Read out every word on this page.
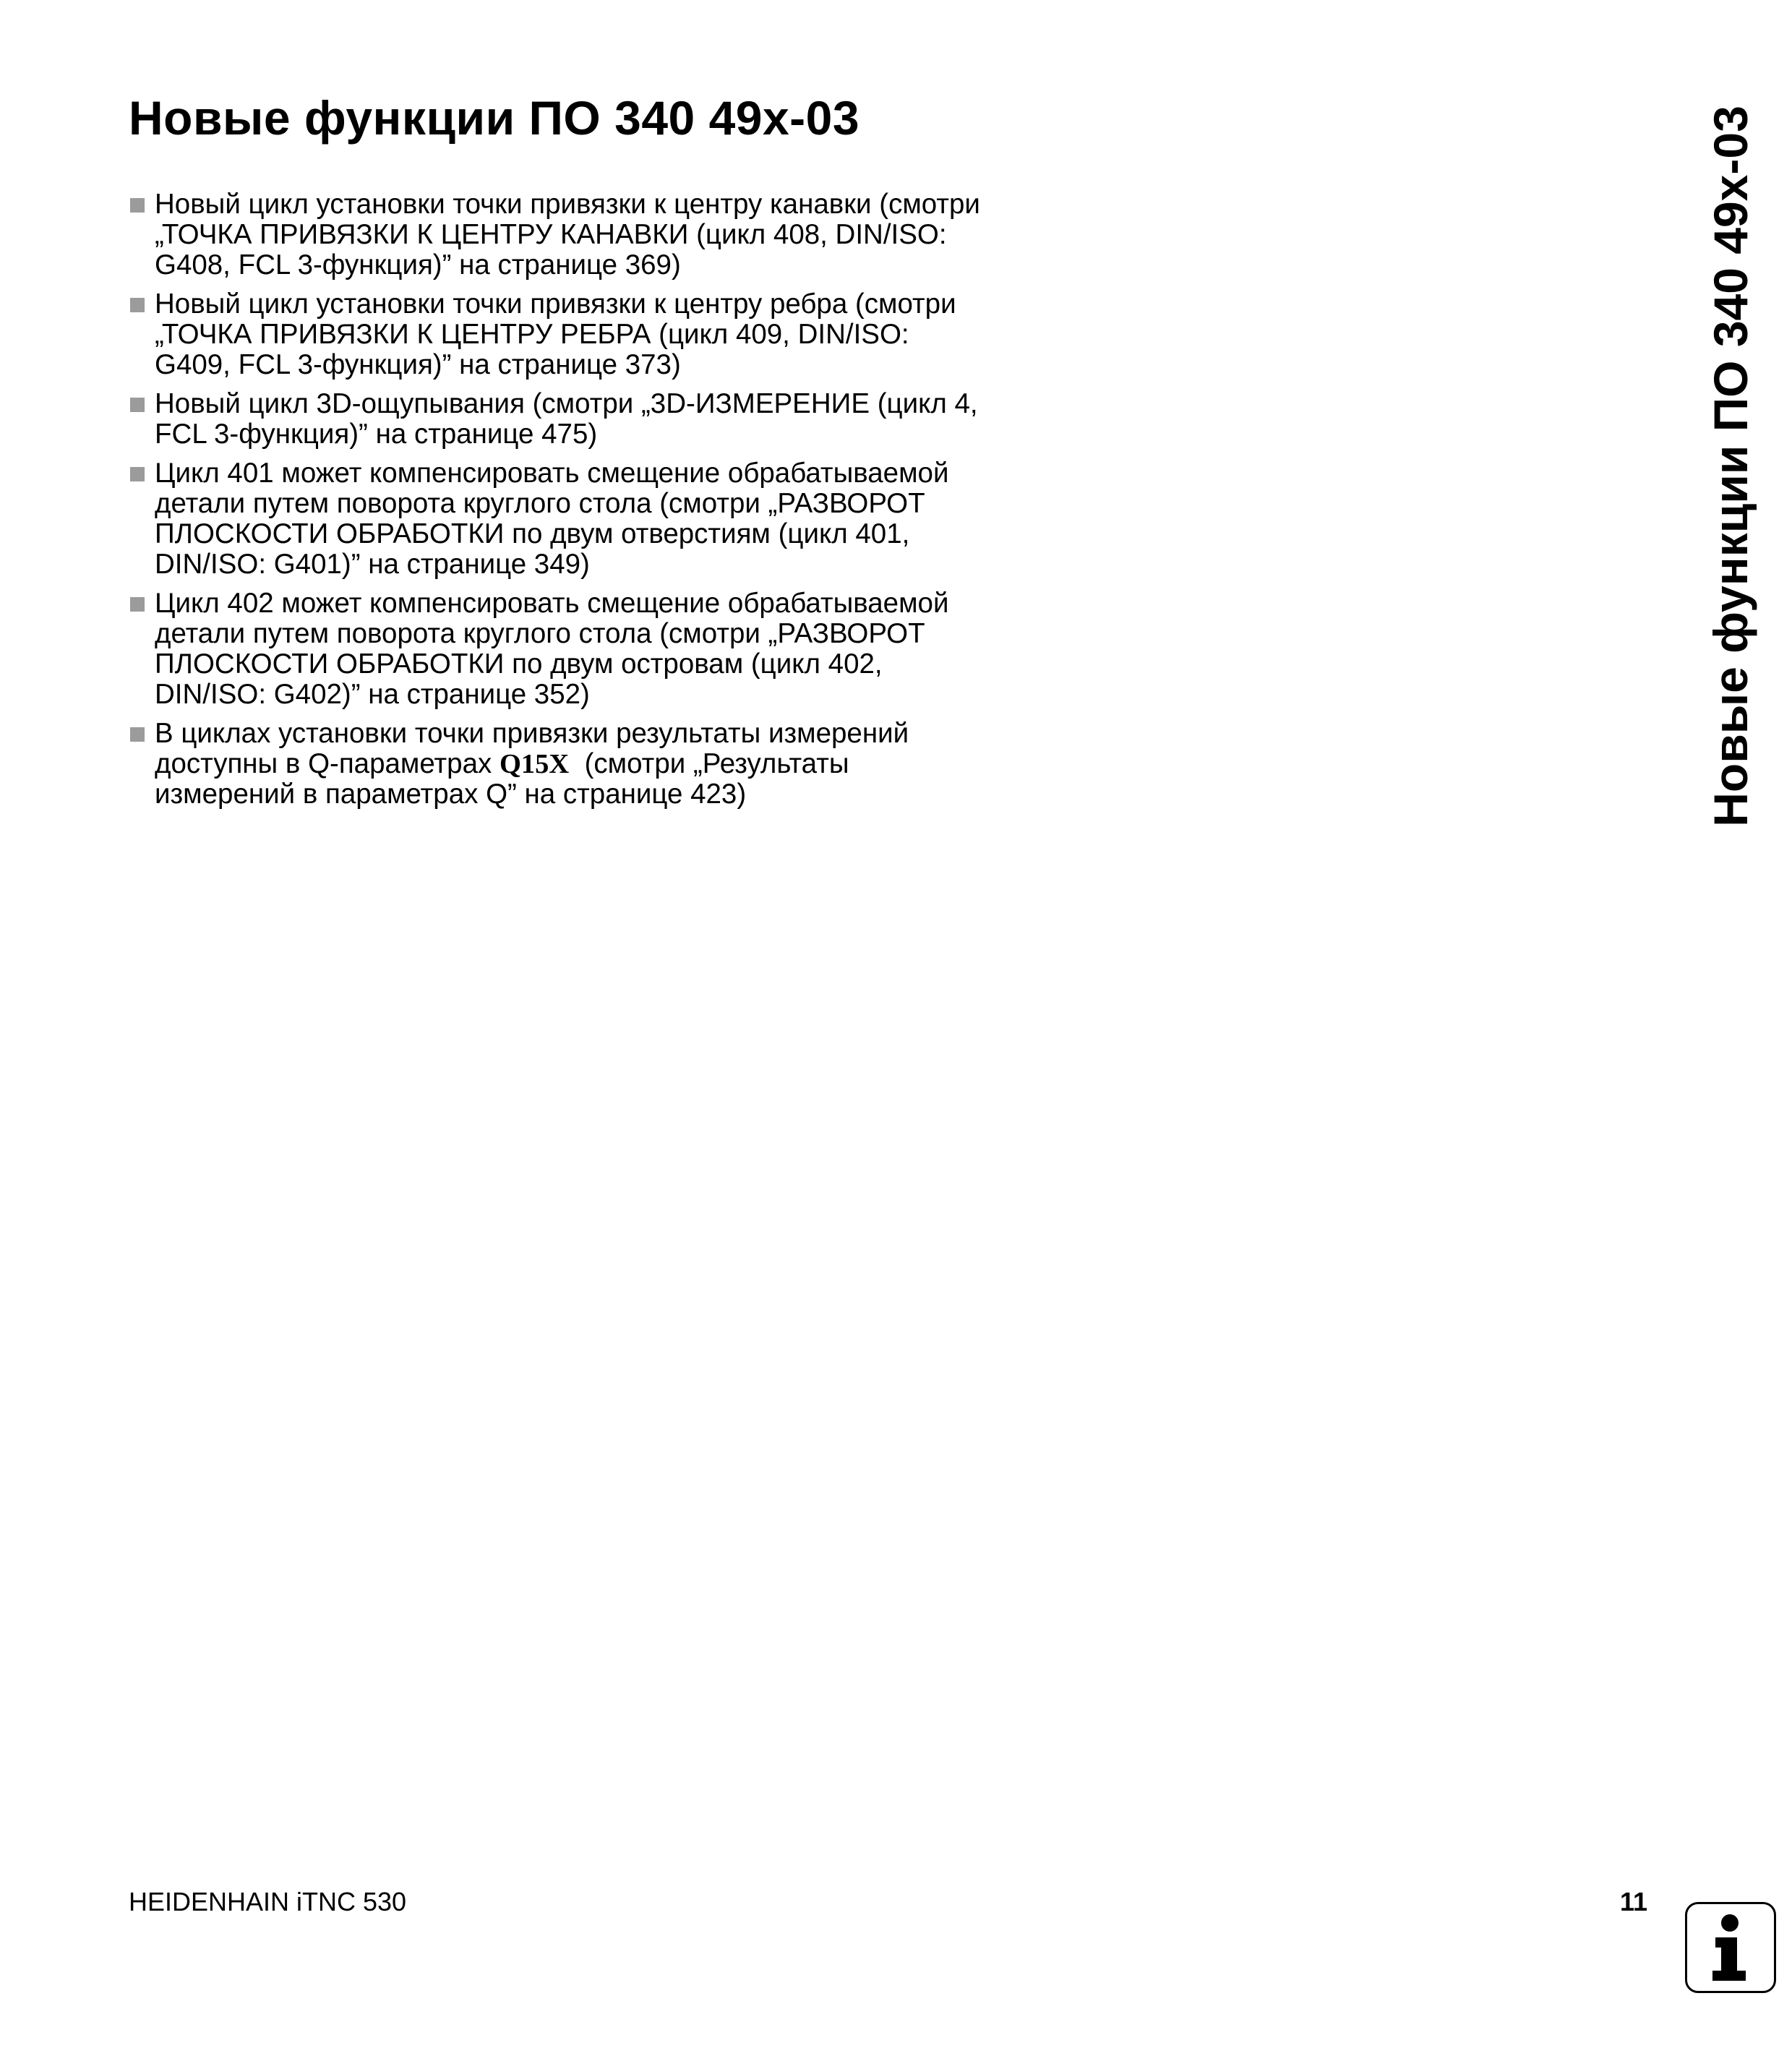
Новые функции ПО 340 49x-03
Новый цикл установки точки привязки к центру канавки (смотри
„ТОЧКА ПРИВЯЗКИ К ЦЕНТРУ КАНАВКИ (цикл 408, DIN/ISO:
G408, FCL 3-функция)” на странице 369)
Новый цикл установки точки привязки к центру ребра (смотри
„ТОЧКА ПРИВЯЗКИ К ЦЕНТРУ РЕБРА (цикл 409, DIN/ISO:
G409, FCL 3-функция)” на странице 373)
Новый цикл 3D-ощупывания (смотри „3D-ИЗМЕРЕНИЕ (цикл 4,
FCL 3-функция)” на странице 475)
Цикл 401 может компенсировать смещение обрабатываемой
детали путем поворота круглого стола (смотри „РАЗВОРОТ
ПЛОСКОСТИ ОБРАБОТКИ по двум отверстиям (цикл 401,
DIN/ISO: G401)” на странице 349)
Цикл 402 может компенсировать смещение обрабатываемой
детали путем поворота круглого стола (смотри „РАЗВОРОТ
ПЛОСКОСТИ ОБРАБОТКИ по двум островам (цикл 402,
DIN/ISO: G402)” на странице 352)
В циклах установки точки привязки результаты измерений
доступны в Q-параметрах Q15X  (смотри „Результаты
измерений в параметрах Q” на странице 423)	Новые функции ПО 340 49x-03
HEIDENHAIN iTNC 530	11
